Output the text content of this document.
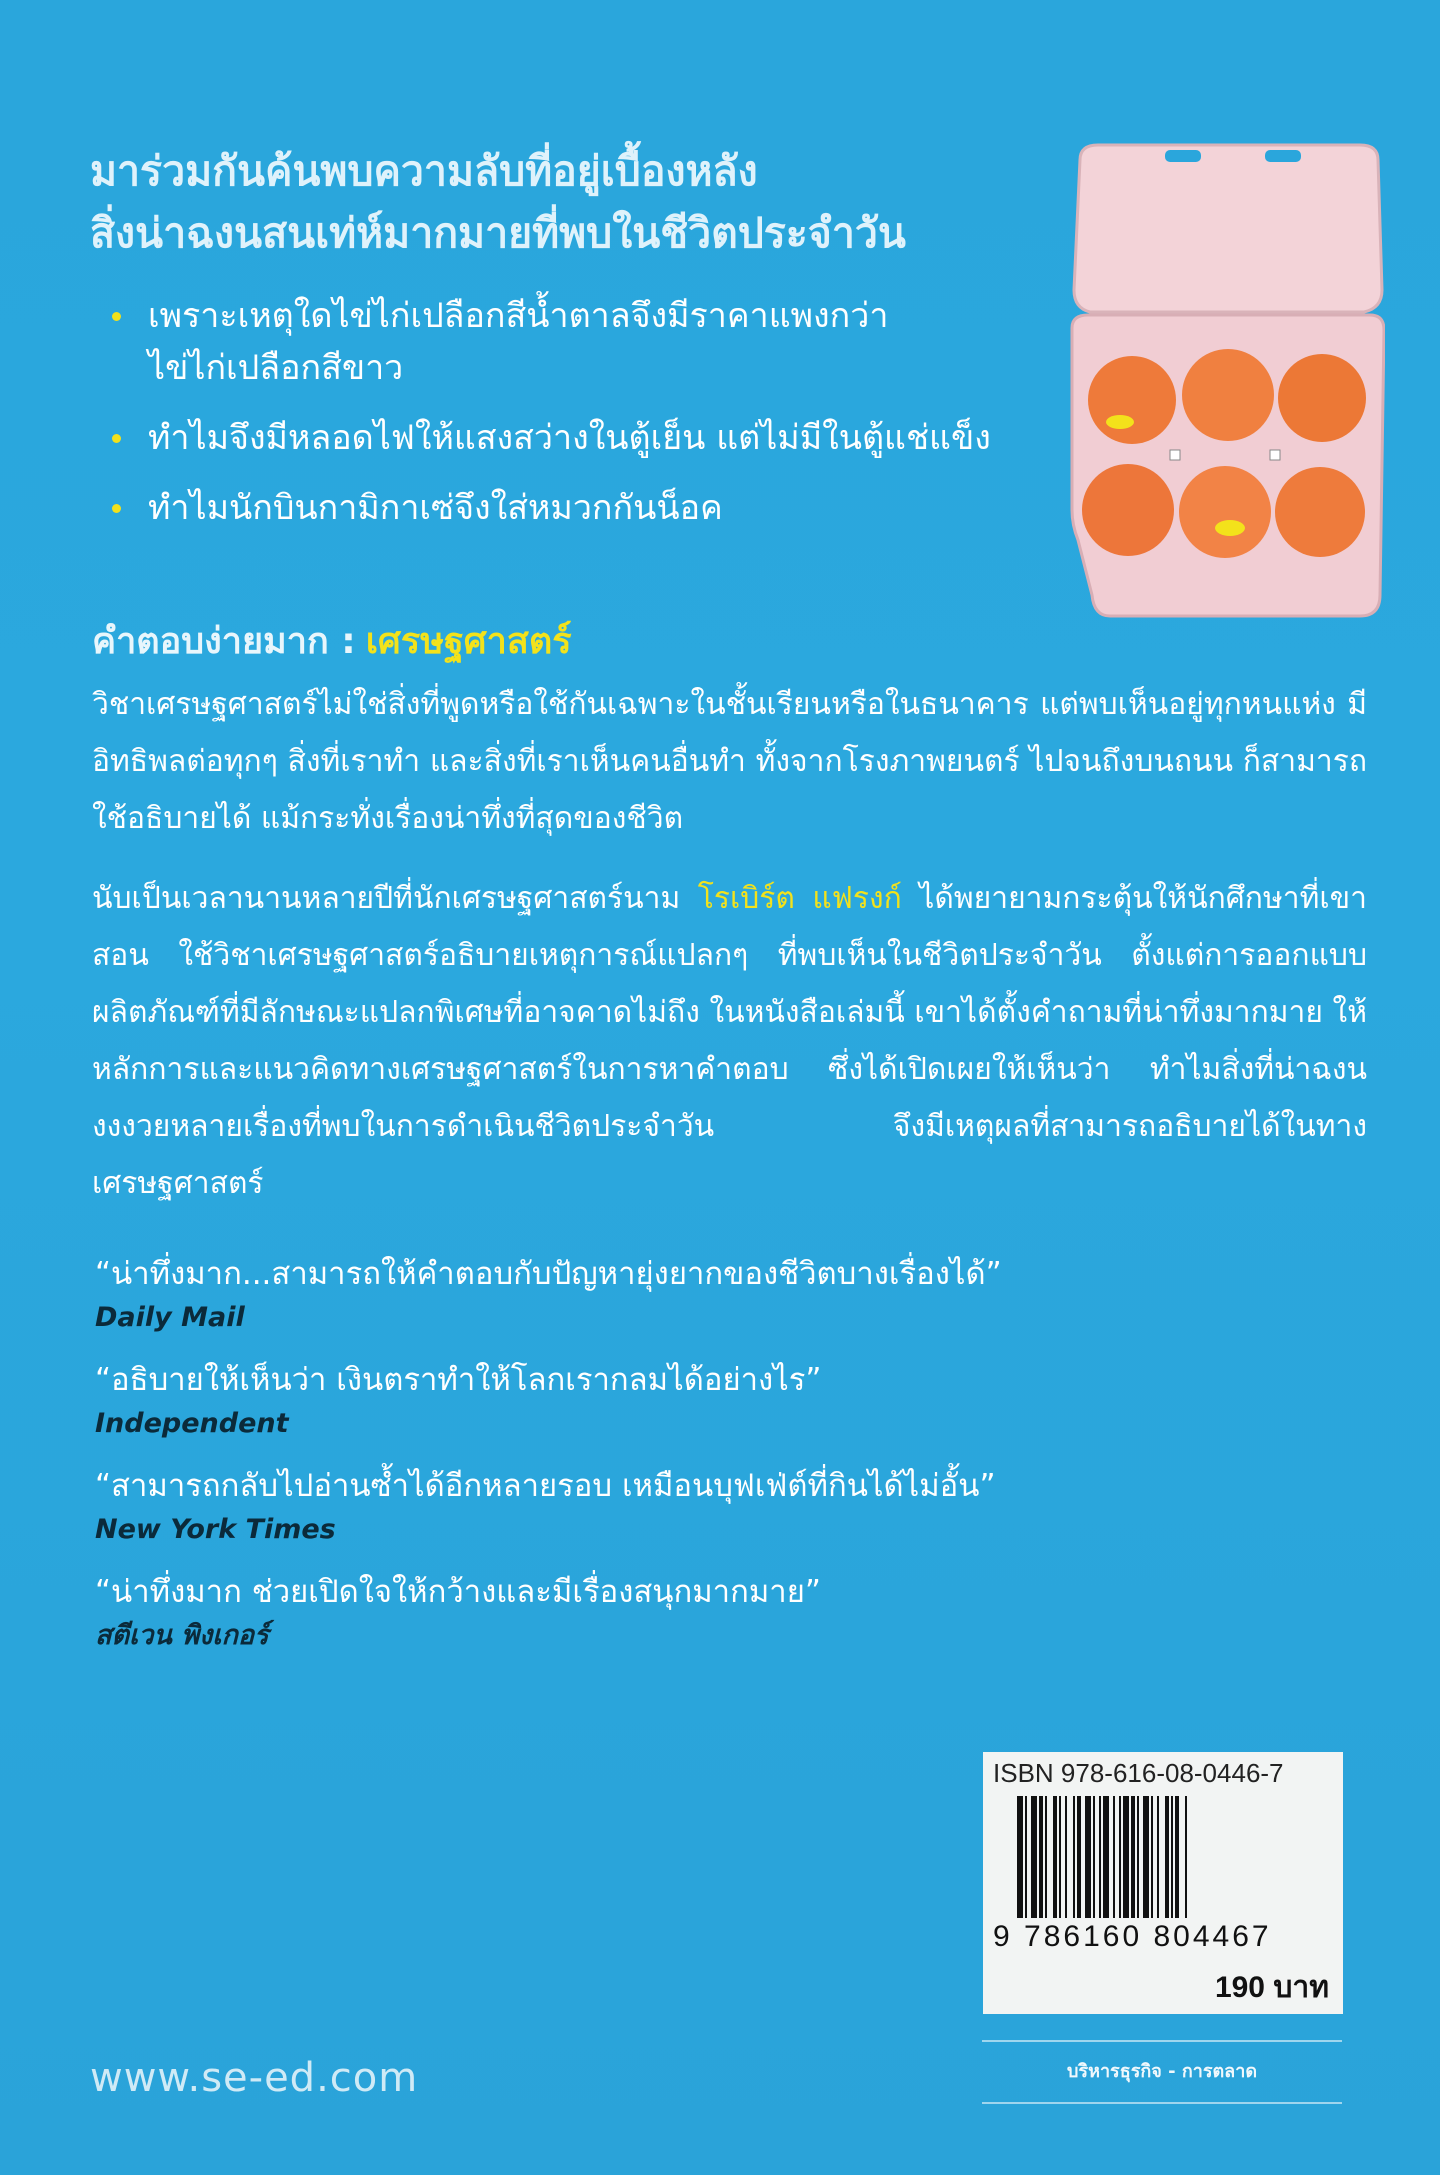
มาร่วมกันค้นพบความลับที่อยู่เบื้องหลัง
สิ่งน่าฉงนสนเท่ห์มากมายที่พบในชีวิตประจำวัน
เพราะเหตุใดไข่ไก่เปลือกสีน้ำตาลจึงมีราคาแพงกว่า
ไข่ไก่เปลือกสีขาว
ทำไมจึงมีหลอดไฟให้แสงสว่างในตู้เย็น แต่ไม่มีในตู้แช่แข็ง
ทำไมนักบินกามิกาเซ่จึงใส่หมวกกันน็อค
คำตอบง่ายมาก : เศรษฐศาสตร์

วิชาเศรษฐศาสตร์ไม่ใช่สิ่งที่พูดหรือใช้กันเฉพาะในชั้นเรียนหรือในธนาคาร แต่พบเห็นอยู่ทุกหนแห่ง มีอิทธิพลต่อทุกๆ สิ่งที่เราทำ และสิ่งที่เราเห็นคนอื่นทำ ทั้งจากโรงภาพยนตร์ ไปจนถึงบนถนน ก็สามารถใช้อธิบายได้ แม้กระทั่งเรื่องน่าทึ่งที่สุดของชีวิต

นับเป็นเวลานานหลายปีที่นักเศรษฐศาสตร์นาม โรเบิร์ต แฟรงก์ ได้พยายามกระตุ้นให้นักศึกษาที่เขาสอน ใช้วิชาเศรษฐศาสตร์อธิบายเหตุการณ์แปลกๆ ที่พบเห็นในชีวิตประจำวัน ตั้งแต่การออกแบบผลิตภัณฑ์ที่มีลักษณะแปลกพิเศษที่อาจคาดไม่ถึง ในหนังสือเล่มนี้ เขาได้ตั้งคำถามที่น่าทึ่งมากมาย ให้หลักการและแนวคิดทางเศรษฐศาสตร์ในการหาคำตอบ ซึ่งได้เปิดเผยให้เห็นว่า ทำไมสิ่งที่น่าฉงนงงงวยหลายเรื่องที่พบในการดำเนินชีวิตประจำวัน จึงมีเหตุผลที่สามารถอธิบายได้ในทางเศรษฐศาสตร์

“น่าทึ่งมาก...สามารถให้คำตอบกับปัญหายุ่งยากของชีวิตบางเรื่องได้”
Daily Mail
“อธิบายให้เห็นว่า เงินตราทำให้โลกเรากลมได้อย่างไร”
Independent
“สามารถกลับไปอ่านซ้ำได้อีกหลายรอบ เหมือนบุฟเฟ่ต์ที่กินได้ไม่อั้น”
New York Times
“น่าทึ่งมาก ช่วยเปิดใจให้กว้างและมีเรื่องสนุกมากมาย”
สตีเวน พิงเกอร์
ISBN 978-616-08-0446-7
9 786160 804467
190 บาท
บริหารธุรกิจ - การตลาด
www.se-ed.com
